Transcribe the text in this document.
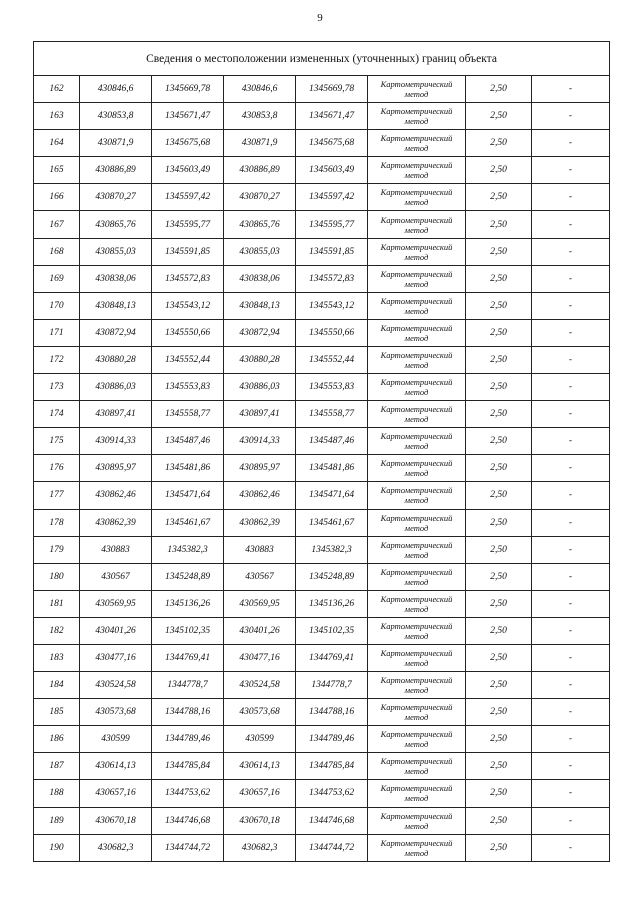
9
Сведения о местоположении измененных (уточненных) границ объекта							
162	430846,6	1345669,78	430846,6	1345669,78	Картометрический метод	2,50	-
163	430853,8	1345671,47	430853,8	1345671,47	Картометрический метод	2,50	-
164	430871,9	1345675,68	430871,9	1345675,68	Картометрический метод	2,50	-
165	430886,89	1345603,49	430886,89	1345603,49	Картометрический метод	2,50	-
166	430870,27	1345597,42	430870,27	1345597,42	Картометрический метод	2,50	-
167	430865,76	1345595,77	430865,76	1345595,77	Картометрический метод	2,50	-
168	430855,03	1345591,85	430855,03	1345591,85	Картометрический метод	2,50	-
169	430838,06	1345572,83	430838,06	1345572,83	Картометрический метод	2,50	-
170	430848,13	1345543,12	430848,13	1345543,12	Картометрический метод	2,50	-
171	430872,94	1345550,66	430872,94	1345550,66	Картометрический метод	2,50	-
172	430880,28	1345552,44	430880,28	1345552,44	Картометрический метод	2,50	-
173	430886,03	1345553,83	430886,03	1345553,83	Картометрический метод	2,50	-
174	430897,41	1345558,77	430897,41	1345558,77	Картометрический метод	2,50	-
175	430914,33	1345487,46	430914,33	1345487,46	Картометрический метод	2,50	-
176	430895,97	1345481,86	430895,97	1345481,86	Картометрический метод	2,50	-
177	430862,46	1345471,64	430862,46	1345471,64	Картометрический метод	2,50	-
178	430862,39	1345461,67	430862,39	1345461,67	Картометрический метод	2,50	-
179	430883	1345382,3	430883	1345382,3	Картометрический метод	2,50	-
180	430567	1345248,89	430567	1345248,89	Картометрический метод	2,50	-
181	430569,95	1345136,26	430569,95	1345136,26	Картометрический метод	2,50	-
182	430401,26	1345102,35	430401,26	1345102,35	Картометрический метод	2,50	-
183	430477,16	1344769,41	430477,16	1344769,41	Картометрический метод	2,50	-
184	430524,58	1344778,7	430524,58	1344778,7	Картометрический метод	2,50	-
185	430573,68	1344788,16	430573,68	1344788,16	Картометрический метод	2,50	-
186	430599	1344789,46	430599	1344789,46	Картометрический метод	2,50	-
187	430614,13	1344785,84	430614,13	1344785,84	Картометрический метод	2,50	-
188	430657,16	1344753,62	430657,16	1344753,62	Картометрический метод	2,50	-
189	430670,18	1344746,68	430670,18	1344746,68	Картометрический метод	2,50	-
190	430682,3	1344744,72	430682,3	1344744,72	Картометрический метод	2,50	-
